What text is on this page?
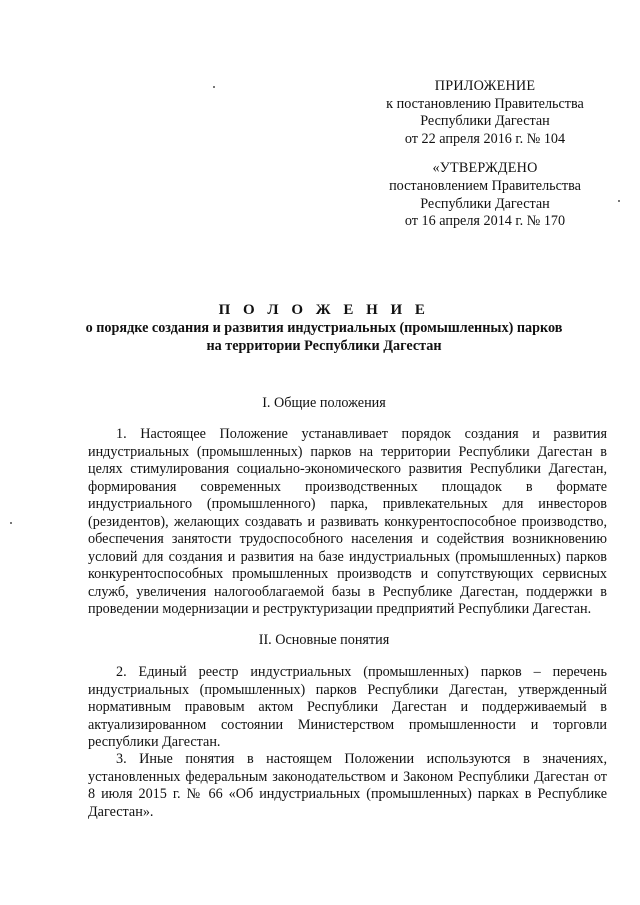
ПРИЛОЖЕНИЕ
к постановлению Правительства
Республики Дагестан
от 22 апреля 2016 г. № 104
«УТВЕРЖДЕНО
постановлением Правительства
Республики Дагестан
от 16 апреля 2014 г. № 170
П О Л О Ж Е Н И Е
о порядке создания и развития индустриальных (промышленных) парков
на территории Республики Дагестан
I. Общие положения

1. Настоящее Положение устанавливает порядок создания и развития индустриальных (промышленных) парков на территории Республики Дагестан в целях стимулирования социально-экономического развития Республики Дагестан, формирования современных производственных площадок в формате индустриального (промышленного) парка, привлекательных для инвесторов (резидентов), желающих создавать и развивать конкурентоспособное производство, обеспечения занятости трудоспособного населения и содействия возникновению условий для создания и развития на базе индустриальных (промышленных) парков конкурентоспособных промышленных производств и сопутствующих сервисных служб, увеличения налогооблагаемой базы в Республике Дагестан, поддержки в проведении модернизации и реструктуризации предприятий Республики Дагестан.

II. Основные понятия

2. Единый реестр индустриальных (промышленных) парков – перечень индустриальных (промышленных) парков Республики Дагестан, утвержденный нормативным правовым актом Республики Дагестан и поддерживаемый в актуализированном состоянии Министерством промышленности и торговли республики Дагестан.

3. Иные понятия в настоящем Положении используются в значениях, установленных федеральным законодательством и Законом Республики Дагестан от 8 июля 2015 г. № 66 «Об индустриальных (промышленных) парках в Республике Дагестан».
